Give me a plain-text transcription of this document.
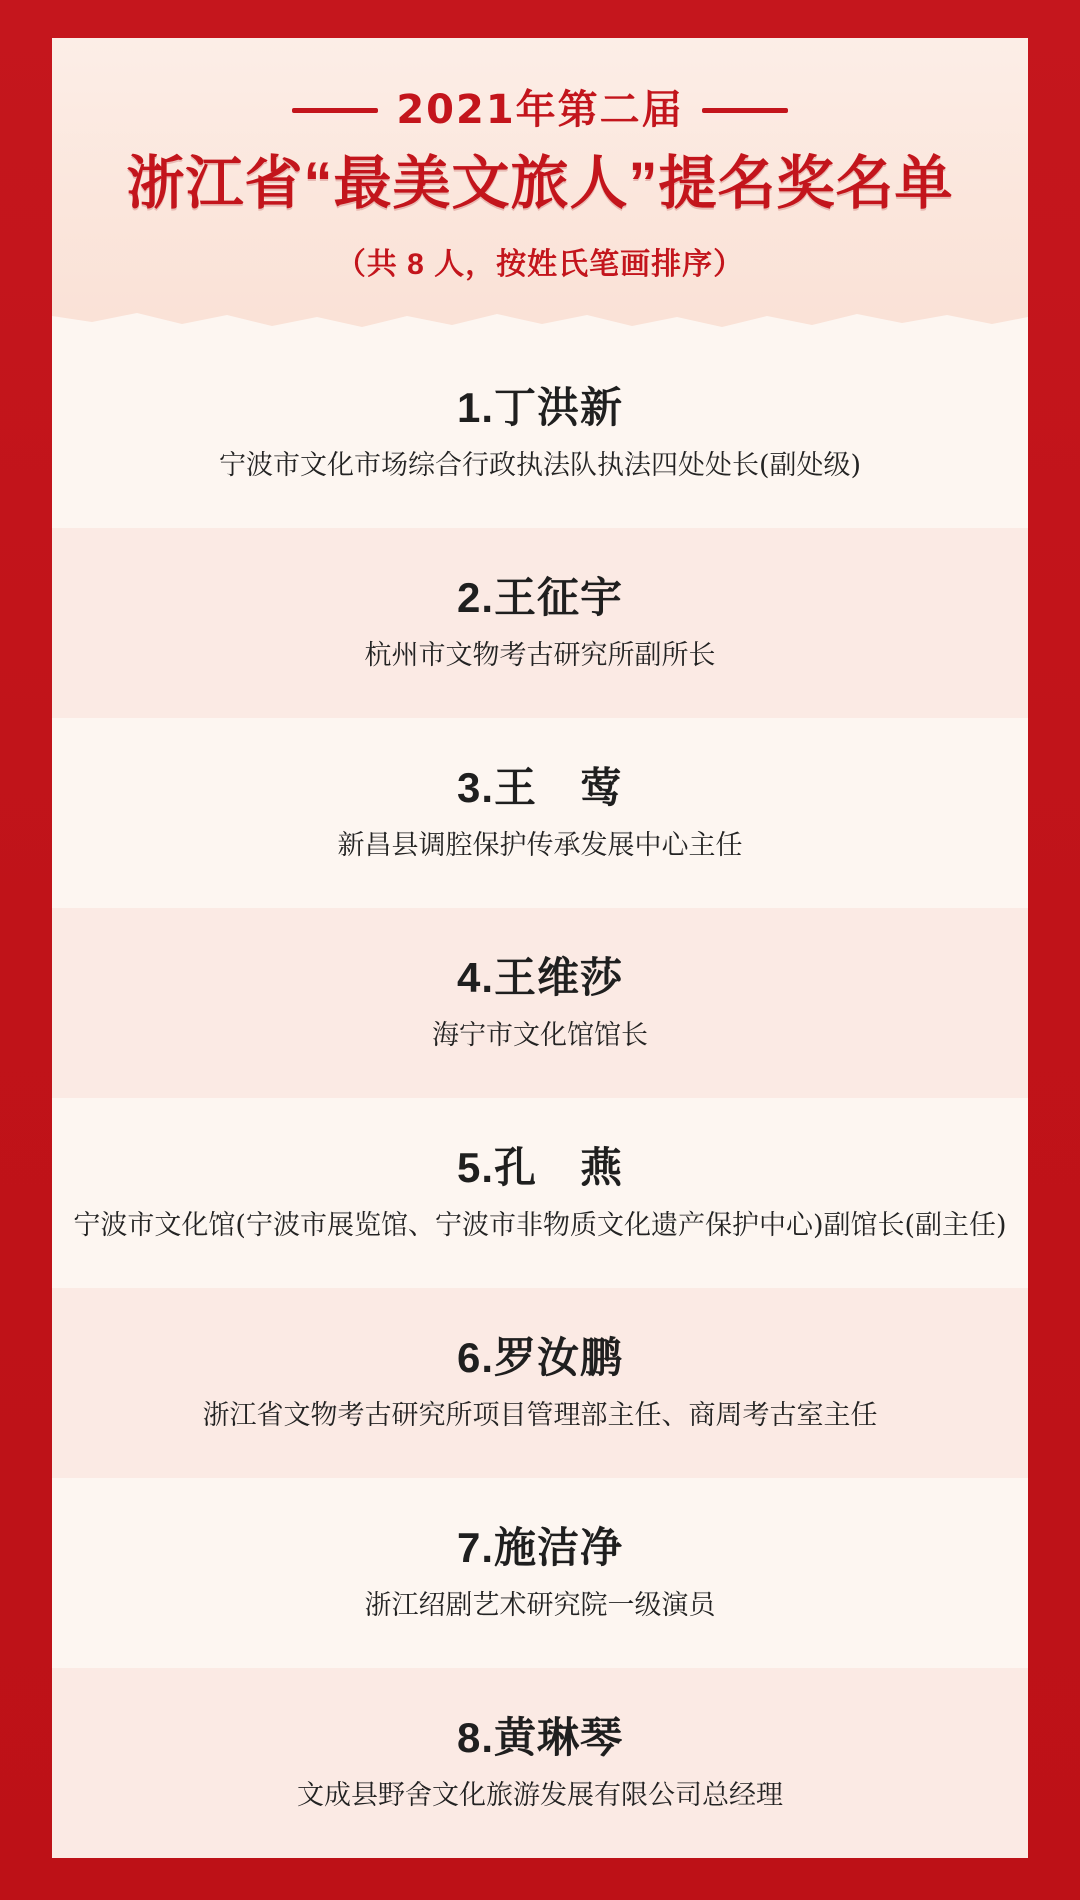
2021年第二届
浙江省“最美文旅人”提名奖名单
（共 8 人，按姓氏笔画排序）
1.丁洪新
宁波市文化市场综合行政执法队执法四处处长(副处级)
2.王征宇
杭州市文物考古研究所副所长
3.王　莺
新昌县调腔保护传承发展中心主任
4.王维莎
海宁市文化馆馆长
5.孔　燕
宁波市文化馆(宁波市展览馆、宁波市非物质文化遗产保护中心)副馆长(副主任)
6.罗汝鹏
浙江省文物考古研究所项目管理部主任、商周考古室主任
7.施洁净
浙江绍剧艺术研究院一级演员
8.黄琳琴
文成县野舍文化旅游发展有限公司总经理
